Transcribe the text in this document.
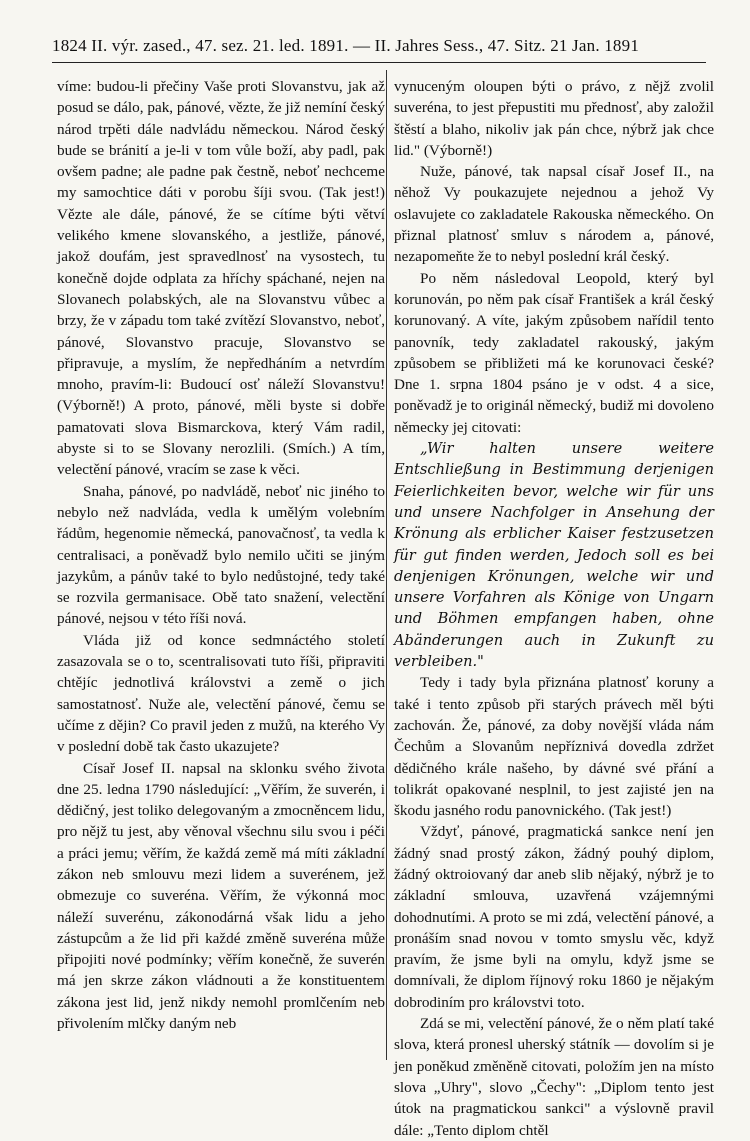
1824 II. výr. zased., 47. sez. 21. led. 1891. — II. Jahres Sess., 47. Sitz. 21 Jan. 1891

víme: budou-li přečiny Vaše proti Slovanstvu, jak až posud se dálo, pak, pánové, vězte, že již nemíní český národ trpěti dále nadvládu německou. Národ český bude se bránití a je-li v tom vůle boží, aby padl, pak ovšem padne; ale padne pak čestně, neboť nechceme my samochtice dáti v porobu šíji svou. (Tak jest!) Vězte ale dále, pánové, že se cítíme býti větví velikého kmene slovanského, a jestliže, pánové, jakož doufám, jest spravedlnosť na vysostech, tu konečně dojde odplata za hříchy spáchané, nejen na Slovanech polabských, ale na Slovanstvu vůbec a brzy, že v západu tom také zvítězí Slovanstvo, neboť, pánové, Slovanstvo pracuje, Slovanstvo se připravuje, a myslím, že nepředháním a netvrdím mnoho, pravím-li: Budoucí osť náleží Slovanstvu! (Výborně!) A proto, pánové, měli byste si dobře pamatovati slova Bismarckova, který Vám radil, abyste si to se Slovany nerozlili. (Smích.) A tím, velectění pánové, vracím se zase k věci.

Snaha, pánové, po nadvládě, neboť nic jiného to nebylo než nadvláda, vedla k umělým volebním řádům, hegenomie německá, panovačnosť, ta vedla k centralisaci, a poněvadž bylo nemilo učiti se jiným jazykům, a pánův také to bylo nedůstojné, tedy také se rozvila germanisace. Obě tato snažení, velectění pánové, nejsou v této říši nová.

Vláda již od konce sedmnáctého století zasazovala se o to, scentralisovati tuto říši, připraviti chtějíc jednotlivá královstvi a země o jich samostatnosť. Nuže ale, velectění pánové, čemu se učíme z dějin? Co pravil jeden z mužů, na kterého Vy v poslední době tak často ukazujete?

Císař Josef II. napsal na sklonku svého života dne 25. ledna 1790 následující: „Věřím, že suverén, i dědičný, jest toliko delegovaným a zmocněncem lidu, pro nějž tu jest, aby věnoval všechnu silu svou i péči a práci jemu; věřím, že každá země má míti základní zákon neb smlouvu mezi lidem a suverénem, jež obmezuje co suveréna. Věřím, že výkonná moc náleží suverénu, zákonodárná však lidu a jeho zástupcům a že lid při každé změně suveréna může připojiti nové podmínky; věřím konečně, že suverén má jen skrze zákon vládnouti a že konstituentem zákona jest lid, jenž nikdy nemohl promlčením neb přivolením mlčky daným neb

vynuceným oloupen býti o právo, z nějž zvolil suveréna, to jest přepustiti mu přednosť, aby založil štěstí a blaho, nikoliv jak pán chce, nýbrž jak chce lid." (Výborně!)

Nuže, pánové, tak napsal císař Josef II., na něhož Vy poukazujete nejednou a jehož Vy oslavujete co zakladatele Rakouska německého. On přiznal platnosť smluv s národem a, pánové, nezapomeňte že to nebyl poslední král český.

Po něm následoval Leopold, který byl korunován, po něm pak císař František a král český korunovaný. A víte, jakým způsobem nařídil tento panovník, tedy zakladatel rakouský, jakým způsobem se přibližeti má ke korunovaci české? Dne 1. srpna 1804 psáno je v odst. 4 a sice, poněvadž je to originál německý, budiž mi dovoleno německy jej citovati:

„Wir halten unsere weitere Entschließung in Bestimmung derjenigen Feierlichkeiten bevor, welche wir für uns und unsere Nachfolger in Ansehung der Krönung als erblicher Kaiser festzusetzen für gut finden werden, Jedoch soll es bei denjenigen Krönungen, welche wir und unsere Vorfahren als Könige von Ungarn und Böhmen empfangen haben, ohne Abänderungen auch in Zukunft zu verbleiben."

Tedy i tady byla přiznána platnosť koruny a také i tento způsob při starých právech měl býti zachován. Že, pánové, za doby novější vláda nám Čechům a Slovanům nepříznivá dovedla zdržet dědičného krále našeho, by dávné své přání a tolikrát opakované nesplnil, to jest zajisté jen na škodu jasného rodu panovnického. (Tak jest!)

Vždyť, pánové, pragmatická sankce není jen žádný snad prostý zákon, žádný pouhý diplom, žádný oktroiovaný dar aneb slib nějaký, nýbrž je to základní smlouva, uzavřená vzájemnými dohodnutími. A proto se mi zdá, velectění pánové, a pronáším snad novou v tomto smyslu věc, když pravím, že jsme byli na omylu, když jsme se domnívali, že diplom říjnový roku 1860 je nějakým dobrodiním pro královstvi toto.

Zdá se mi, velectění pánové, že o něm platí také slova, která pronesl uherský státník — dovolím si je jen poněkud změněně citovati, položím jen na místo slova „Uhry", slovo „Čechy": „Diplom tento jest útok na pragmatickou sankci" a výslovně pravil dále: „Tento diplom chtěl
